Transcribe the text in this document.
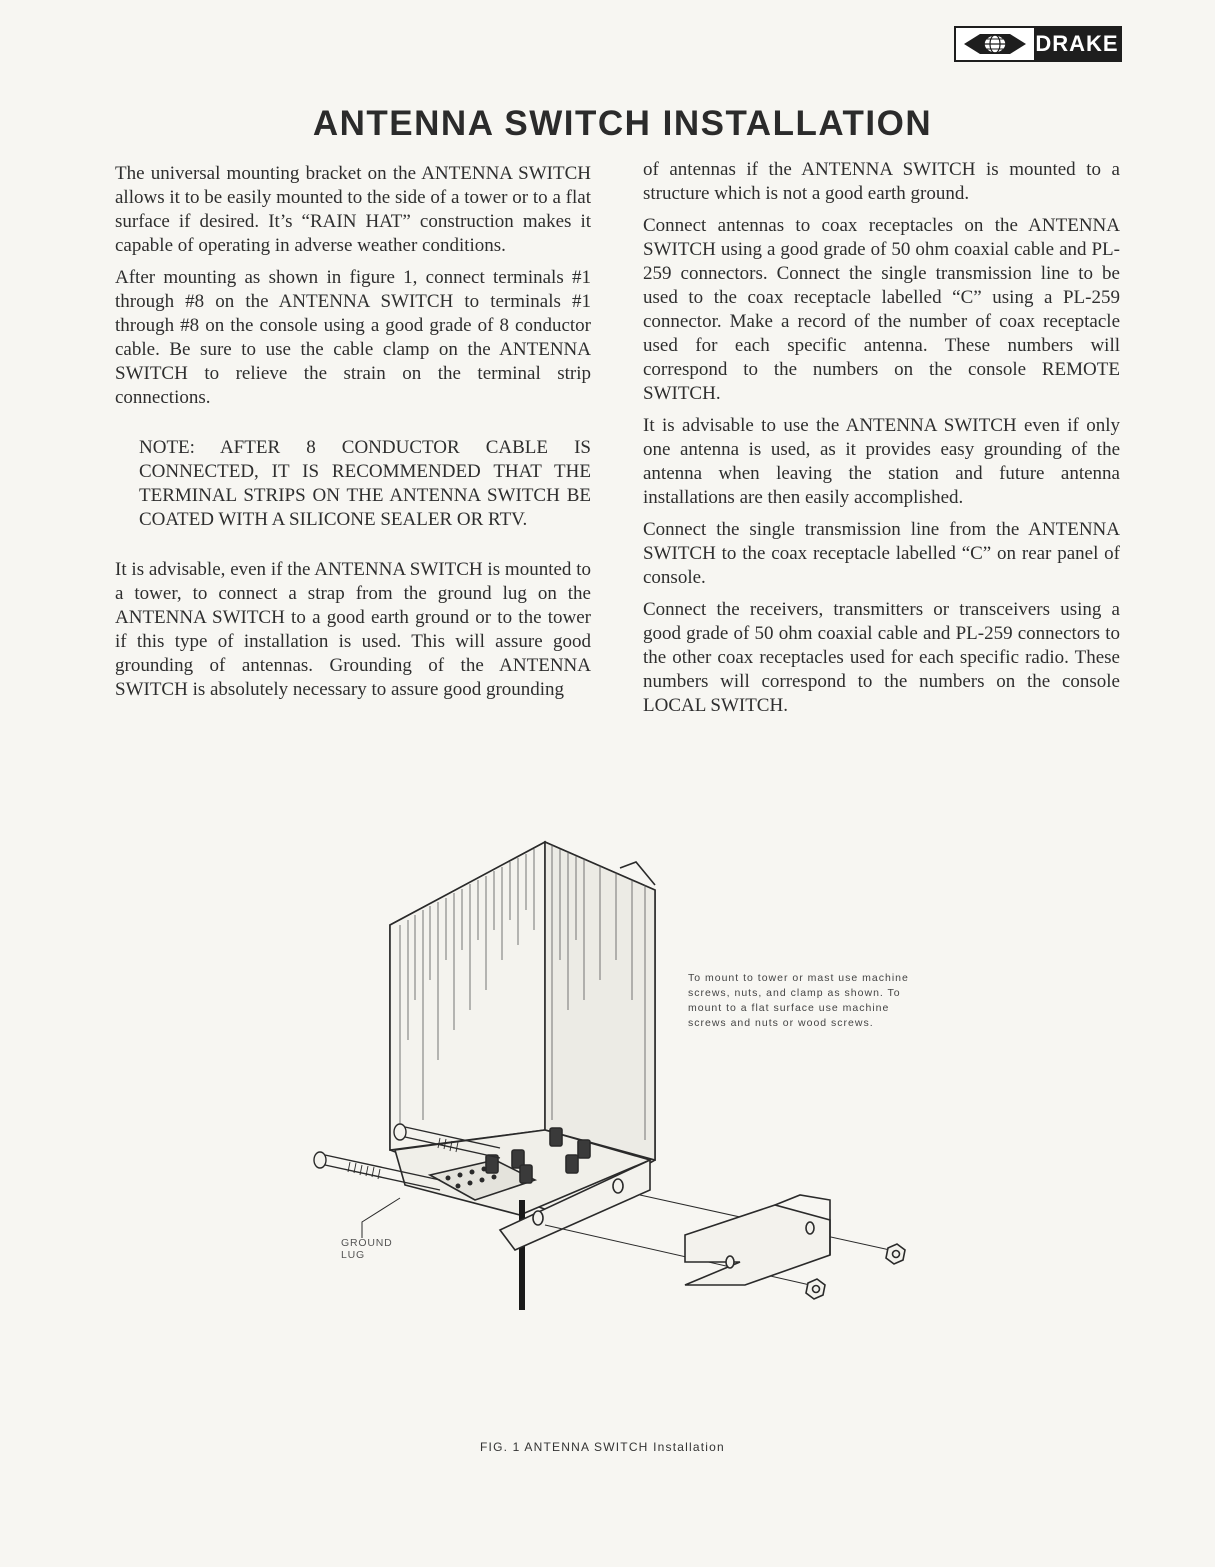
DRAKE
ANTENNA SWITCH INSTALLATION

The universal mounting bracket on the ANTENNA SWITCH allows it to be easily mounted to the side of a tower or to a flat surface if desired. It’s “RAIN HAT” construction makes it capable of operating in adverse weather conditions.

After mounting as shown in figure 1, connect terminals #1 through #8 on the ANTENNA SWITCH to terminals #1 through #8 on the console using a good grade of 8 conductor cable. Be sure to use the cable clamp on the ANTENNA SWITCH to relieve the strain on the terminal strip connections.

NOTE: AFTER 8 CONDUCTOR CABLE IS CONNECTED, IT IS RECOMMENDED THAT THE TERMINAL STRIPS ON THE ANTENNA SWITCH BE COATED WITH A SILICONE SEALER OR RTV.

It is advisable, even if the ANTENNA SWITCH is mounted to a tower, to connect a strap from the ground lug on the ANTENNA SWITCH to a good earth ground or to the tower if this type of installation is used. This will assure good grounding of antennas. Grounding of the ANTENNA SWITCH is absolutely necessary to assure good grounding

of antennas if the ANTENNA SWITCH is mounted to a structure which is not a good earth ground.

Connect antennas to coax receptacles on the ANTENNA SWITCH using a good grade of 50 ohm coaxial cable and PL-259 connectors. Connect the single transmission line to be used to the coax receptacle labelled “C” using a PL-259 connector. Make a record of the number of coax receptacle used for each specific antenna. These numbers will correspond to the numbers on the console REMOTE SWITCH.

It is advisable to use the ANTENNA SWITCH even if only one antenna is used, as it provides easy grounding of the antenna when leaving the station and future antenna installations are then easily accomplished.

Connect the single transmission line from the ANTENNA SWITCH to the coax receptacle labelled “C” on rear panel of console.

Connect the receivers, transmitters or transceivers using a good grade of 50 ohm coaxial cable and PL-259 connectors to the other coax receptacles used for each specific radio. These numbers will correspond to the numbers on the console LOCAL SWITCH.

To mount to tower or mast use machine screws, nuts, and clamp as shown. To mount to a flat surface use machine screws and nuts or wood screws.
GROUND LUG
FIG. 1 ANTENNA SWITCH Installation
